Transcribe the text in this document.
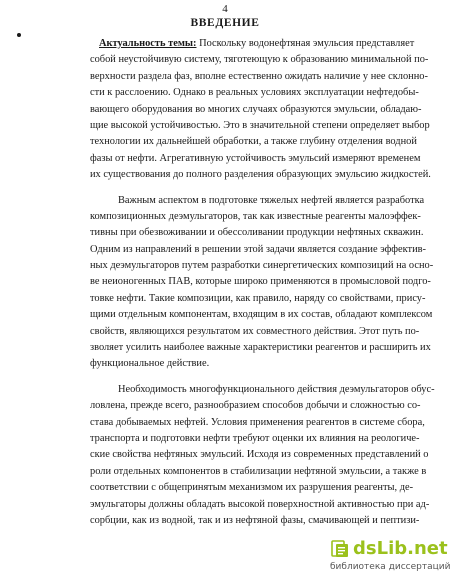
4
ВВЕДЕНИЕ
Актуальность темы: Поскольку водонефтяная эмульсия представляет
собой неустойчивую систему, тяготеющую к образованию минимальной по-
верхности раздела фаз, вполне естественно ожидать наличие у нее склонно-
сти к расслоению. Однако в реальных условиях эксплуатации нефтедобы-
вающего оборудования во многих случаях образуются эмульсии, обладаю-
щие высокой устойчивостью. Это в значительной степени определяет выбор
технологии их дальнейшей обработки, а также глубину отделения водной
фазы от нефти. Агрегативную устойчивость эмульсий измеряют временем
их существования до полного разделения образующих эмульсию жидкостей.
Важным аспектом в подготовке тяжелых нефтей является разработка
композиционных деэмульгаторов, так как известные реагенты малоэффек-
тивны при обезвоживании и обессоливании продукции нефтяных скважин.
Одним из направлений в решении этой задачи является создание эффектив-
ных деэмульгаторов путем разработки синергетических композиций на осно-
ве неионогенных ПАВ, которые широко применяются в промысловой подго-
товке нефти. Такие композиции, как правило, наряду со свойствами, прису-
щими отдельным компонентам, входящим в их состав, обладают комплексом
свойств, являющихся результатом их совместного действия. Этот путь по-
зволяет усилить наиболее важные характеристики реагентов и расширить их
функциональное действие.
Необходимость многофункционального действия деэмульгаторов обус-
ловлена, прежде всего, разнообразием способов добычи и сложностью со-
става добываемых нефтей. Условия применения реагентов в системе сбора,
транспорта и подготовки нефти требуют оценки их влияния на реологиче-
ские свойства нефтяных эмульсий. Исходя из современных представлений о
роли отдельных компонентов в стабилизации нефтяной эмульсии, а также в
соответствии с общепринятым механизмом их разрушения реагенты, де-
эмульгаторы должны обладать высокой поверхностной активностью при ад-
сорбции, как из водной, так и из нефтяной фазы, смачивающей и пептизи-
dsLib.net
библиотека диссертаций
